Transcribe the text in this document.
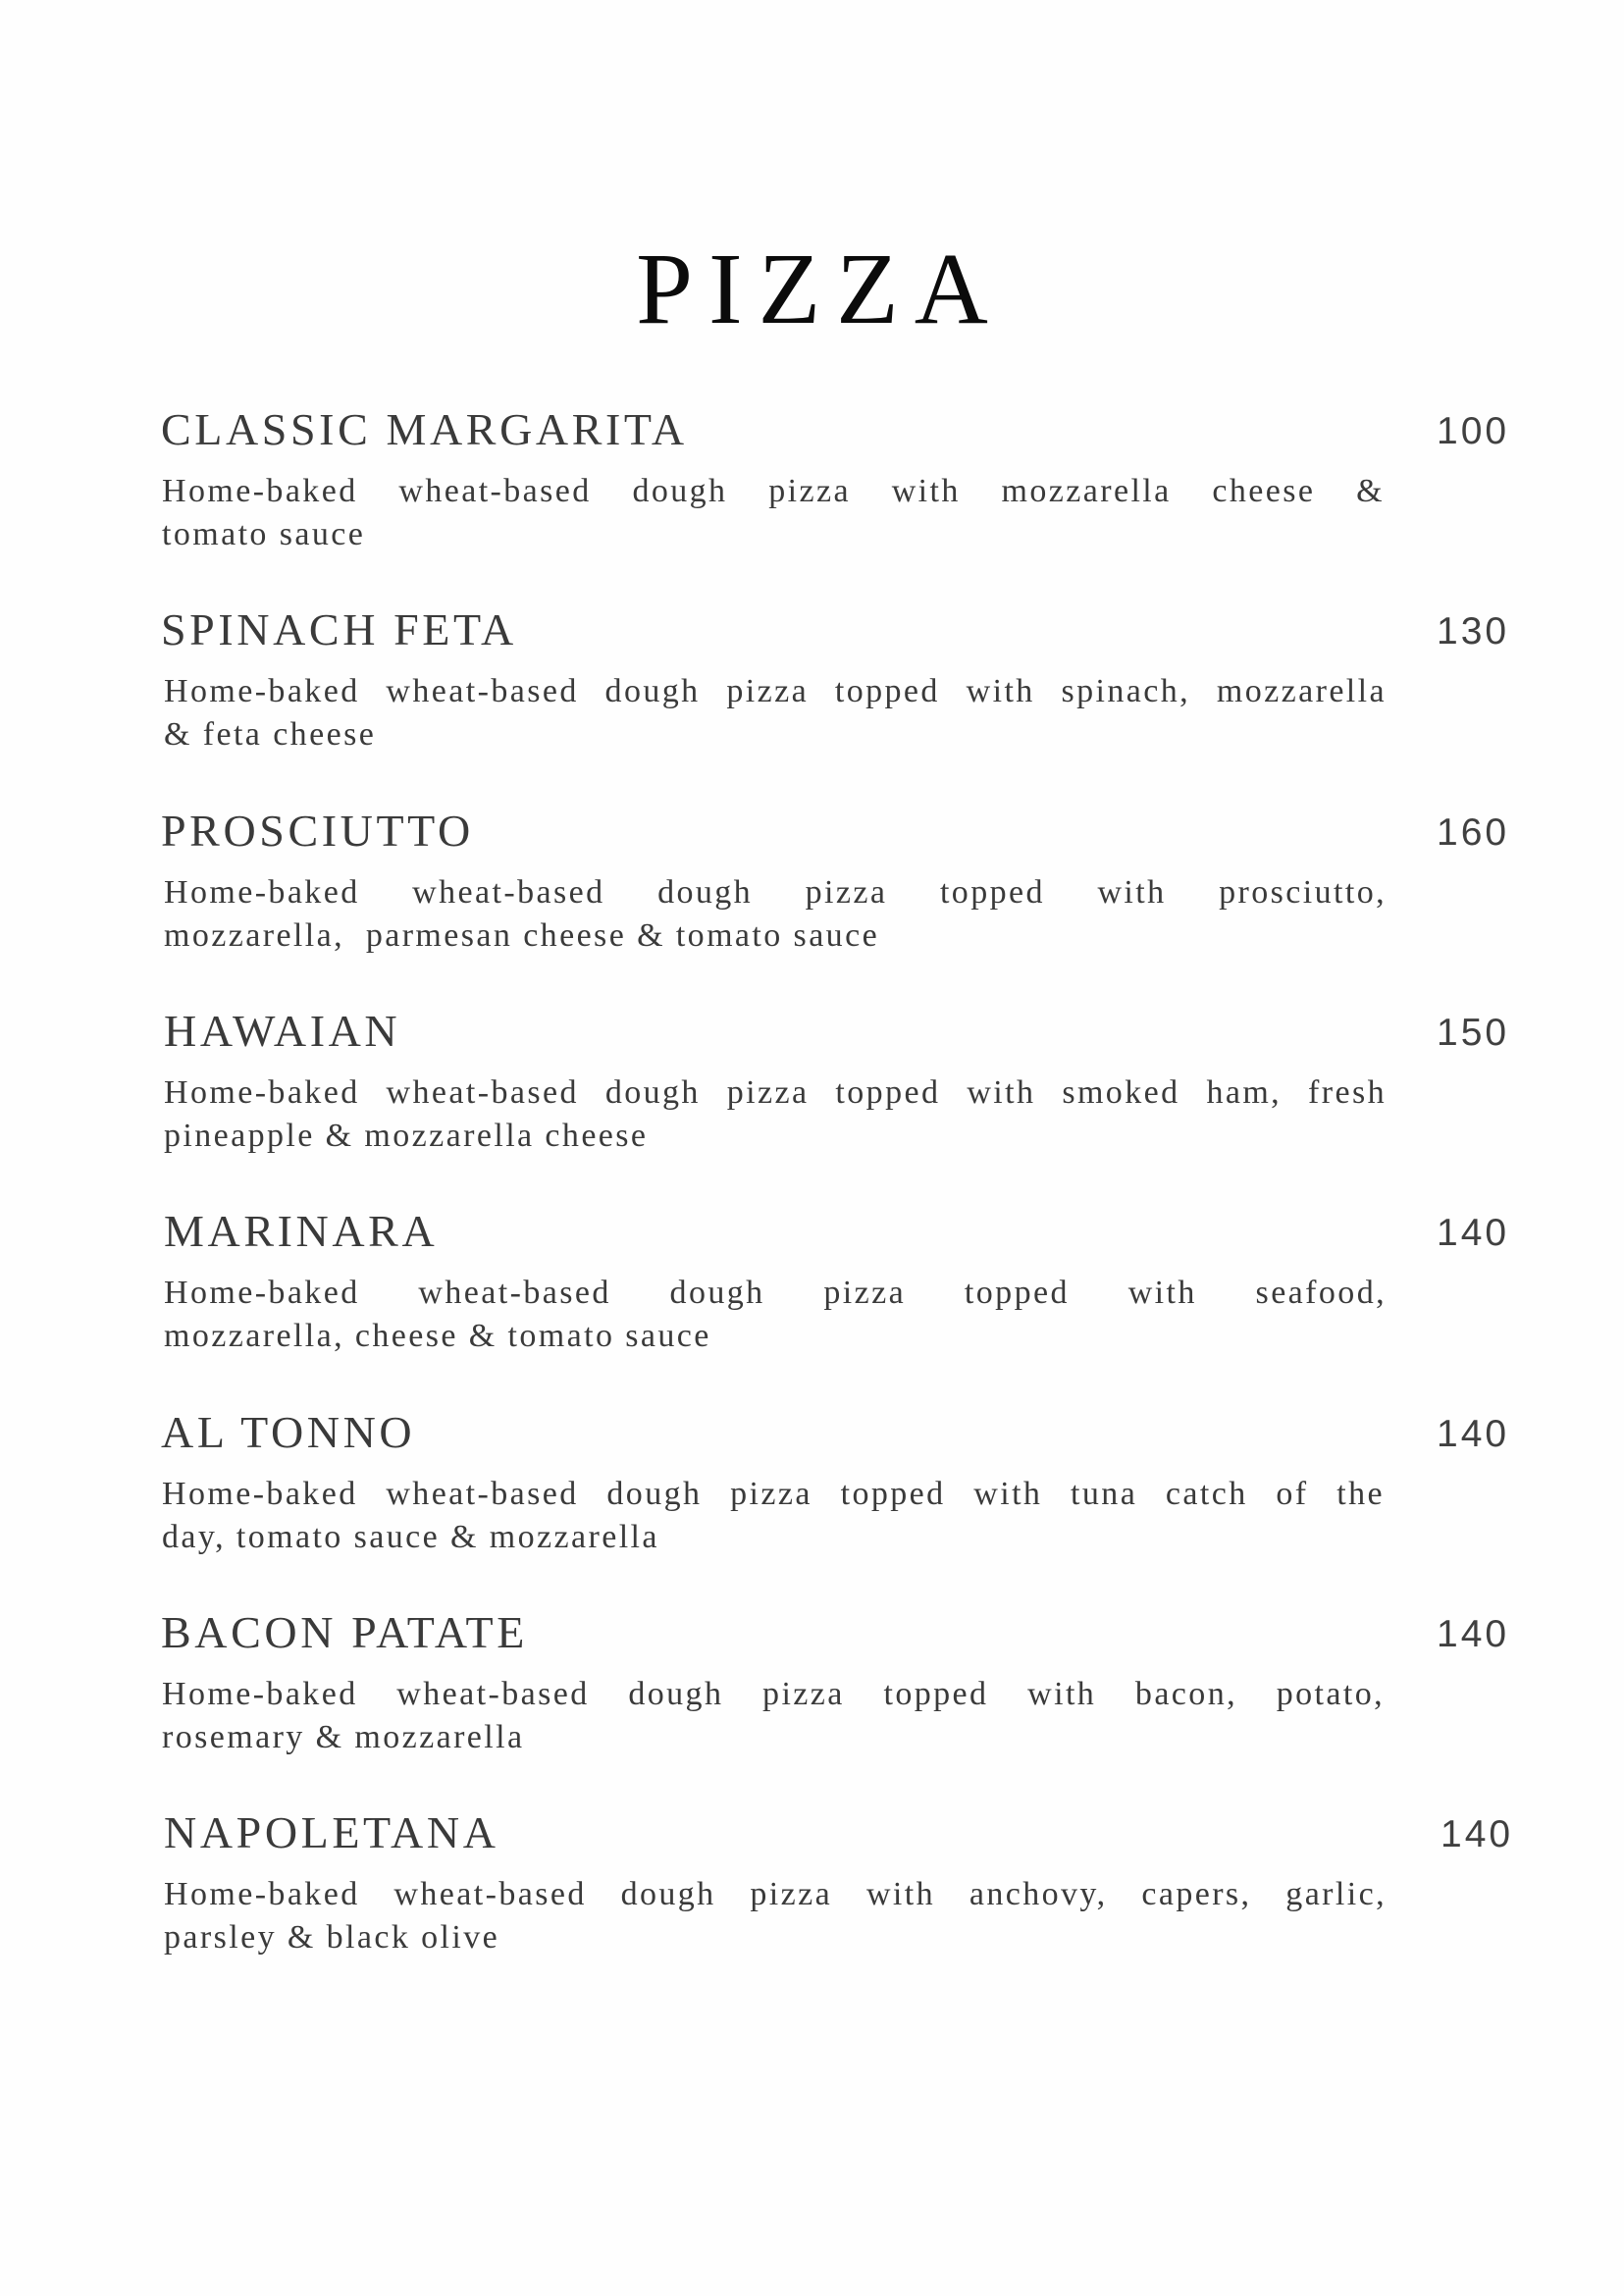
PIZZA
CLASSIC MARGARITA	100

Home-baked wheat-based dough pizza with mozzarella cheese &
tomato sauce

SPINACH FETA	130

Home-baked wheat-based dough pizza topped with spinach, mozzarella
& feta cheese

PROSCIUTTO	160

Home-baked wheat-based dough pizza topped with prosciutto,
mozzarella,  parmesan cheese & tomato sauce

HAWAIAN	150

Home-baked wheat-based dough pizza topped with smoked ham, fresh
pineapple & mozzarella cheese

MARINARA	140

Home-baked wheat-based dough pizza topped with seafood,
mozzarella, cheese & tomato sauce

AL TONNO	140

Home-baked wheat-based dough pizza topped with tuna catch of the
day, tomato sauce & mozzarella

BACON PATATE	140

Home-baked wheat-based dough pizza topped with bacon, potato,
rosemary & mozzarella

NAPOLETANA	140

Home-baked wheat-based dough pizza with anchovy, capers, garlic,
parsley & black olive
